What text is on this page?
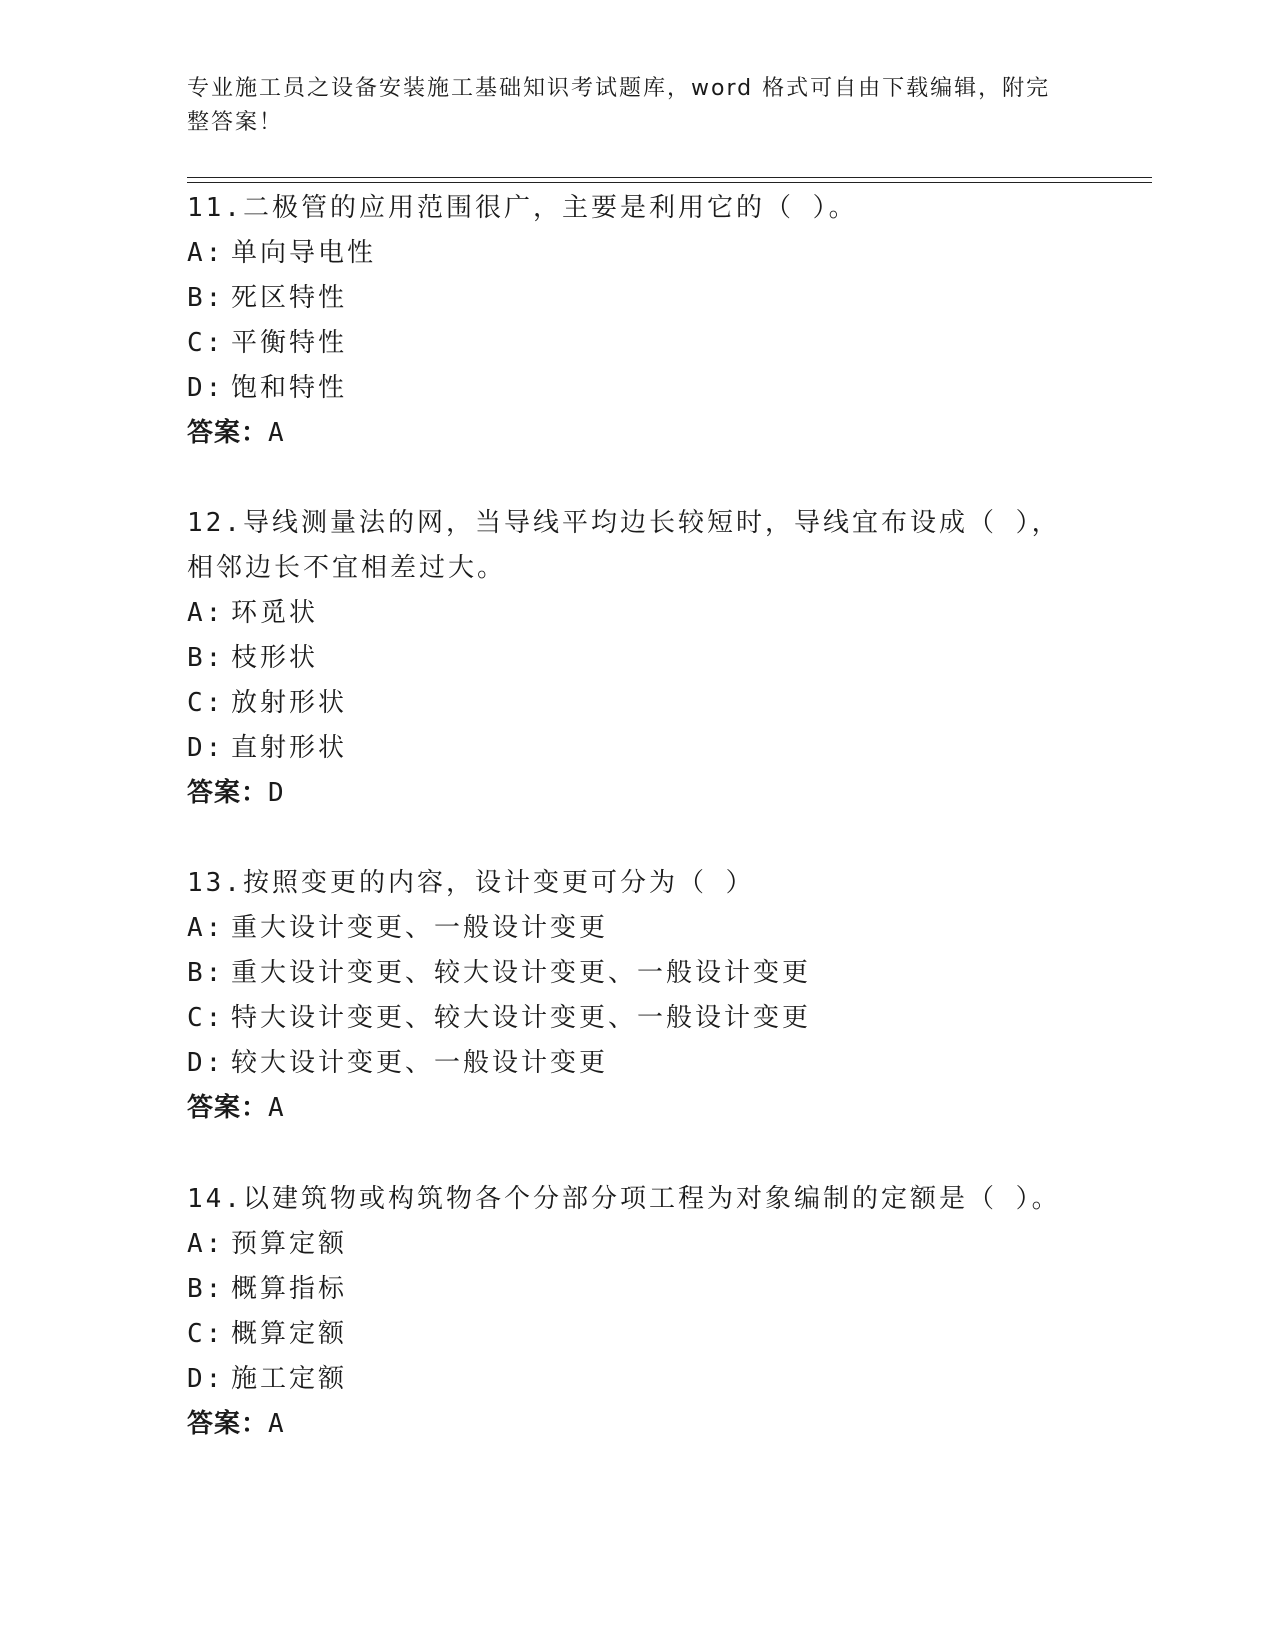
专业施工员之设备安装施工基础知识考试题库，word 格式可自由下载编辑，附完
整答案！
11.二极管的应用范围很广，主要是利用它的（ ）。
A: 单向导电性
B: 死区特性
C: 平衡特性
D: 饱和特性
答案：A
12.导线测量法的网，当导线平均边长较短时，导线宜布设成（ ），
相邻边长不宜相差过大。
A: 环觅状
B: 枝形状
C: 放射形状
D: 直射形状
答案：D
13.按照变更的内容，设计变更可分为（ ）
A: 重大设计变更、一般设计变更
B: 重大设计变更、较大设计变更、一般设计变更
C: 特大设计变更、较大设计变更、一般设计变更
D: 较大设计变更、一般设计变更
答案：A
14.以建筑物或构筑物各个分部分项工程为对象编制的定额是（ ）。
A: 预算定额
B: 概算指标
C: 概算定额
D: 施工定额
答案：A
